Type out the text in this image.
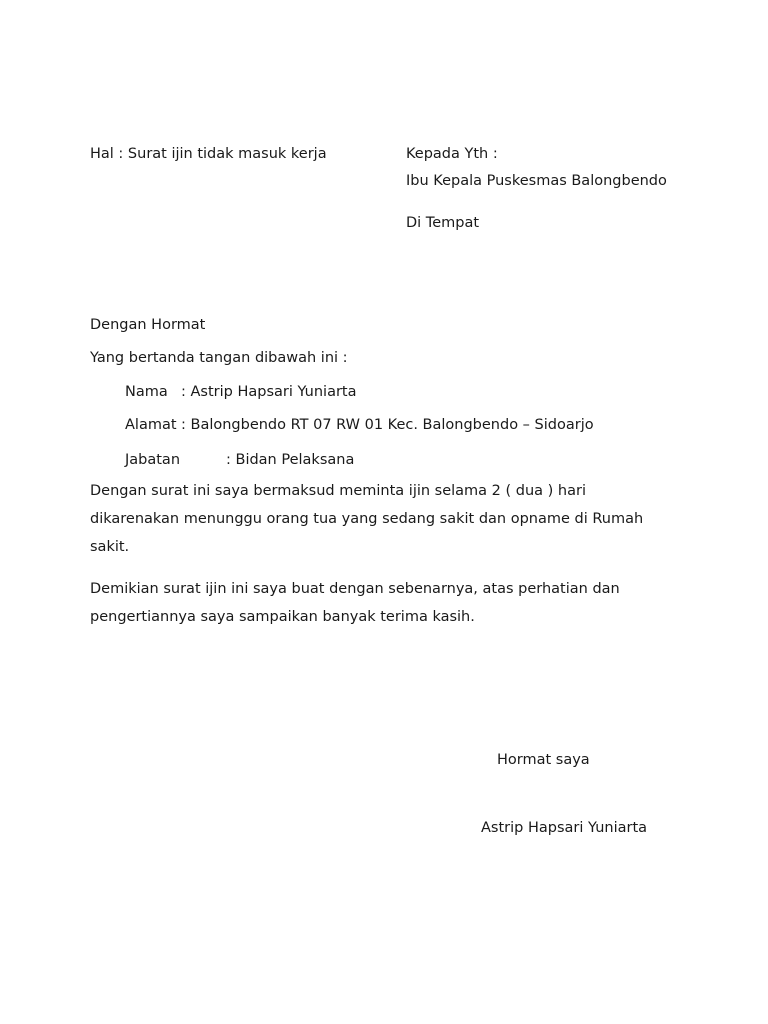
Hal : Surat ijin tidak masuk kerja	Kepada Yth :
Ibu Kepala Puskesmas Balongbendo
Di Tempat
Dengan Hormat
Yang bertanda tangan dibawah ini :
Nama : Astrip Hapsari Yuniarta
Alamat : Balongbendo RT 07 RW 01 Kec. Balongbendo – Sidoarjo
Jabatan	: Bidan Pelaksana
Dengan surat ini saya bermaksud meminta ijin selama 2 ( dua ) hari dikarenakan menunggu orang tua yang sedang sakit dan opname di Rumah sakit.
Demikian surat ijin ini saya buat dengan sebenarnya, atas perhatian dan pengertiannya saya sampaikan banyak terima kasih.
Hormat saya
Astrip Hapsari Yuniarta
